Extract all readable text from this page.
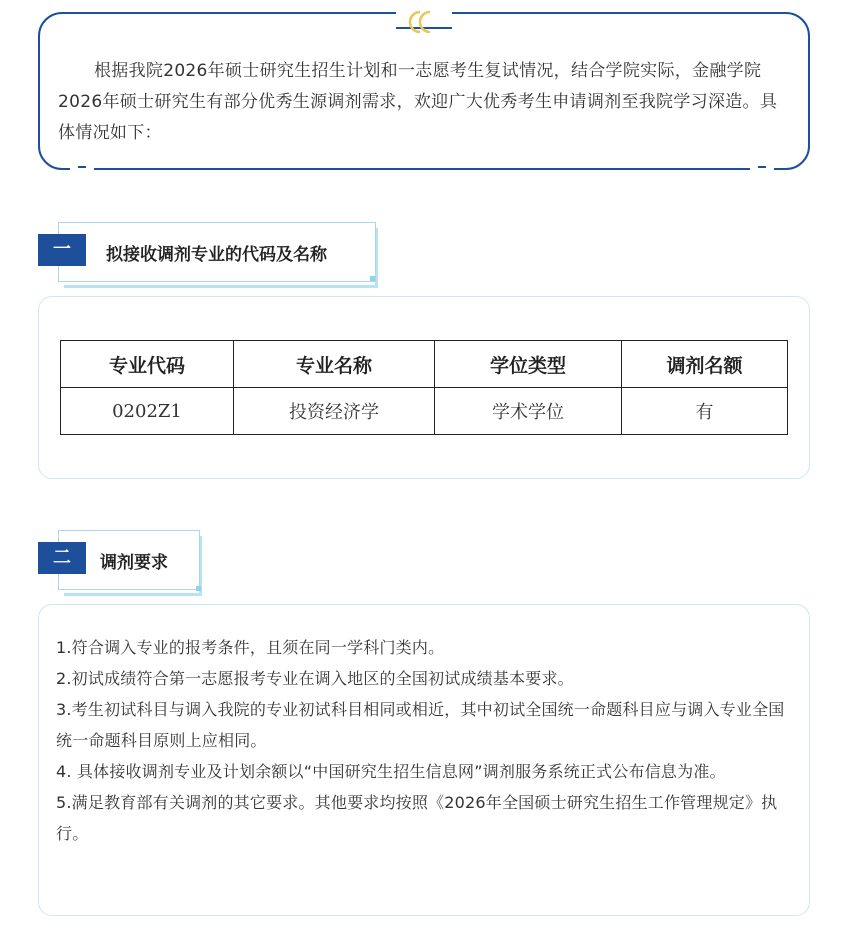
根据我院2026年硕士研究生招生计划和一志愿考生复试情况，结合学院实际，金融学院2026年硕士研究生有部分优秀生源调剂需求，欢迎广大优秀考生申请调剂至我院学习深造。具体情况如下：

一	拟接收调剂专业的代码及名称
专业代码	专业名称	学位类型	调剂名额
0202Z1	投资经济学	学术学位	有
二	调剂要求
1.符合调入专业的报考条件，且须在同一学科门类内。
2.初试成绩符合第一志愿报考专业在调入地区的全国初试成绩基本要求。
3.考生初试科目与调入我院的专业初试科目相同或相近，其中初试全国统一命题科目应与调入专业全国统一命题科目原则上应相同。
4. 具体接收调剂专业及计划余额以“中国研究生招生信息网”调剂服务系统正式公布信息为准。
5.满足教育部有关调剂的其它要求。其他要求均按照《2026年全国硕士研究生招生工作管理规定》执行。
